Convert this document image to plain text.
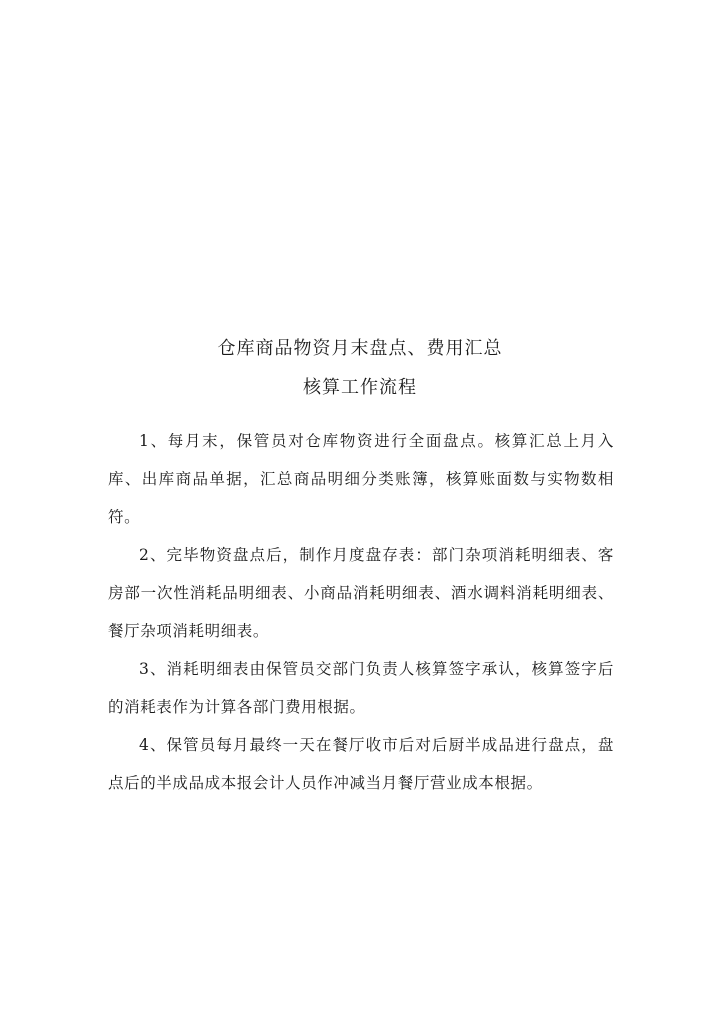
仓库商品物资月末盘点、费用汇总
核算工作流程

1、每月末，保管员对仓库物资进行全面盘点。核算汇总上月入库、出库商品单据，汇总商品明细分类账簿，核算账面数与实物数相符。

2、完毕物资盘点后，制作月度盘存表：部门杂项消耗明细表、客房部一次性消耗品明细表、小商品消耗明细表、酒水调料消耗明细表、餐厅杂项消耗明细表。

3、消耗明细表由保管员交部门负责人核算签字承认，核算签字后的消耗表作为计算各部门费用根据。

4、保管员每月最终一天在餐厅收市后对后厨半成品进行盘点，盘点后的半成品成本报会计人员作冲减当月餐厅营业成本根据。
